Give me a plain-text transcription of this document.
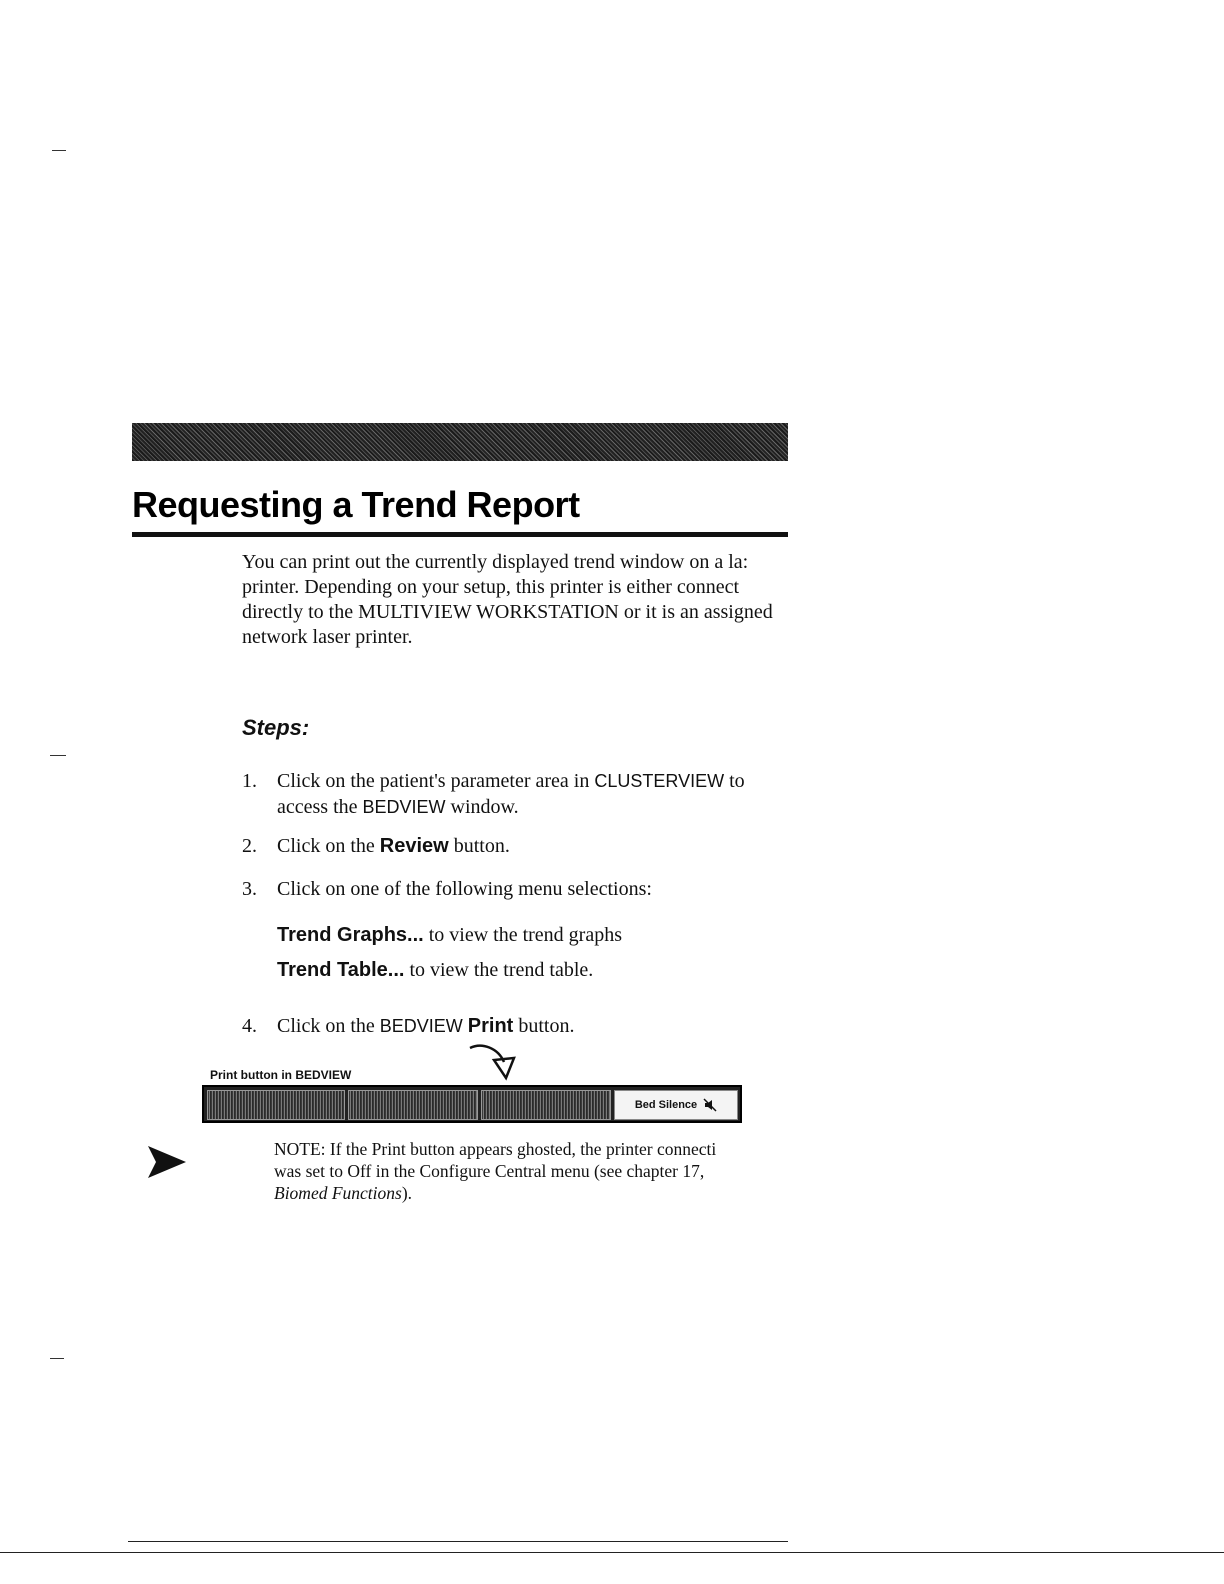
Requesting a Trend Report

You can print out the currently displayed trend window on a la:
printer. Depending on your setup, this printer is either connect
directly to the MULTIVIEW WORKSTATION or it is an assigned
network laser printer.

Steps:
1. Click on the patient's parameter area in CLUSTERVIEW to
access the BEDVIEW window.
2. Click on the Review button.
3. Click on one of the following menu selections:
Trend Graphs... to view the trend graphs
Trend Table... to view the trend table.
4. Click on the BEDVIEW Print button.
Print button in BEDVIEW
Bed Silence

NOTE: If the Print button appears ghosted, the printer connecti
was set to Off in the Configure Central menu (see chapter 17,
Biomed Functions).
